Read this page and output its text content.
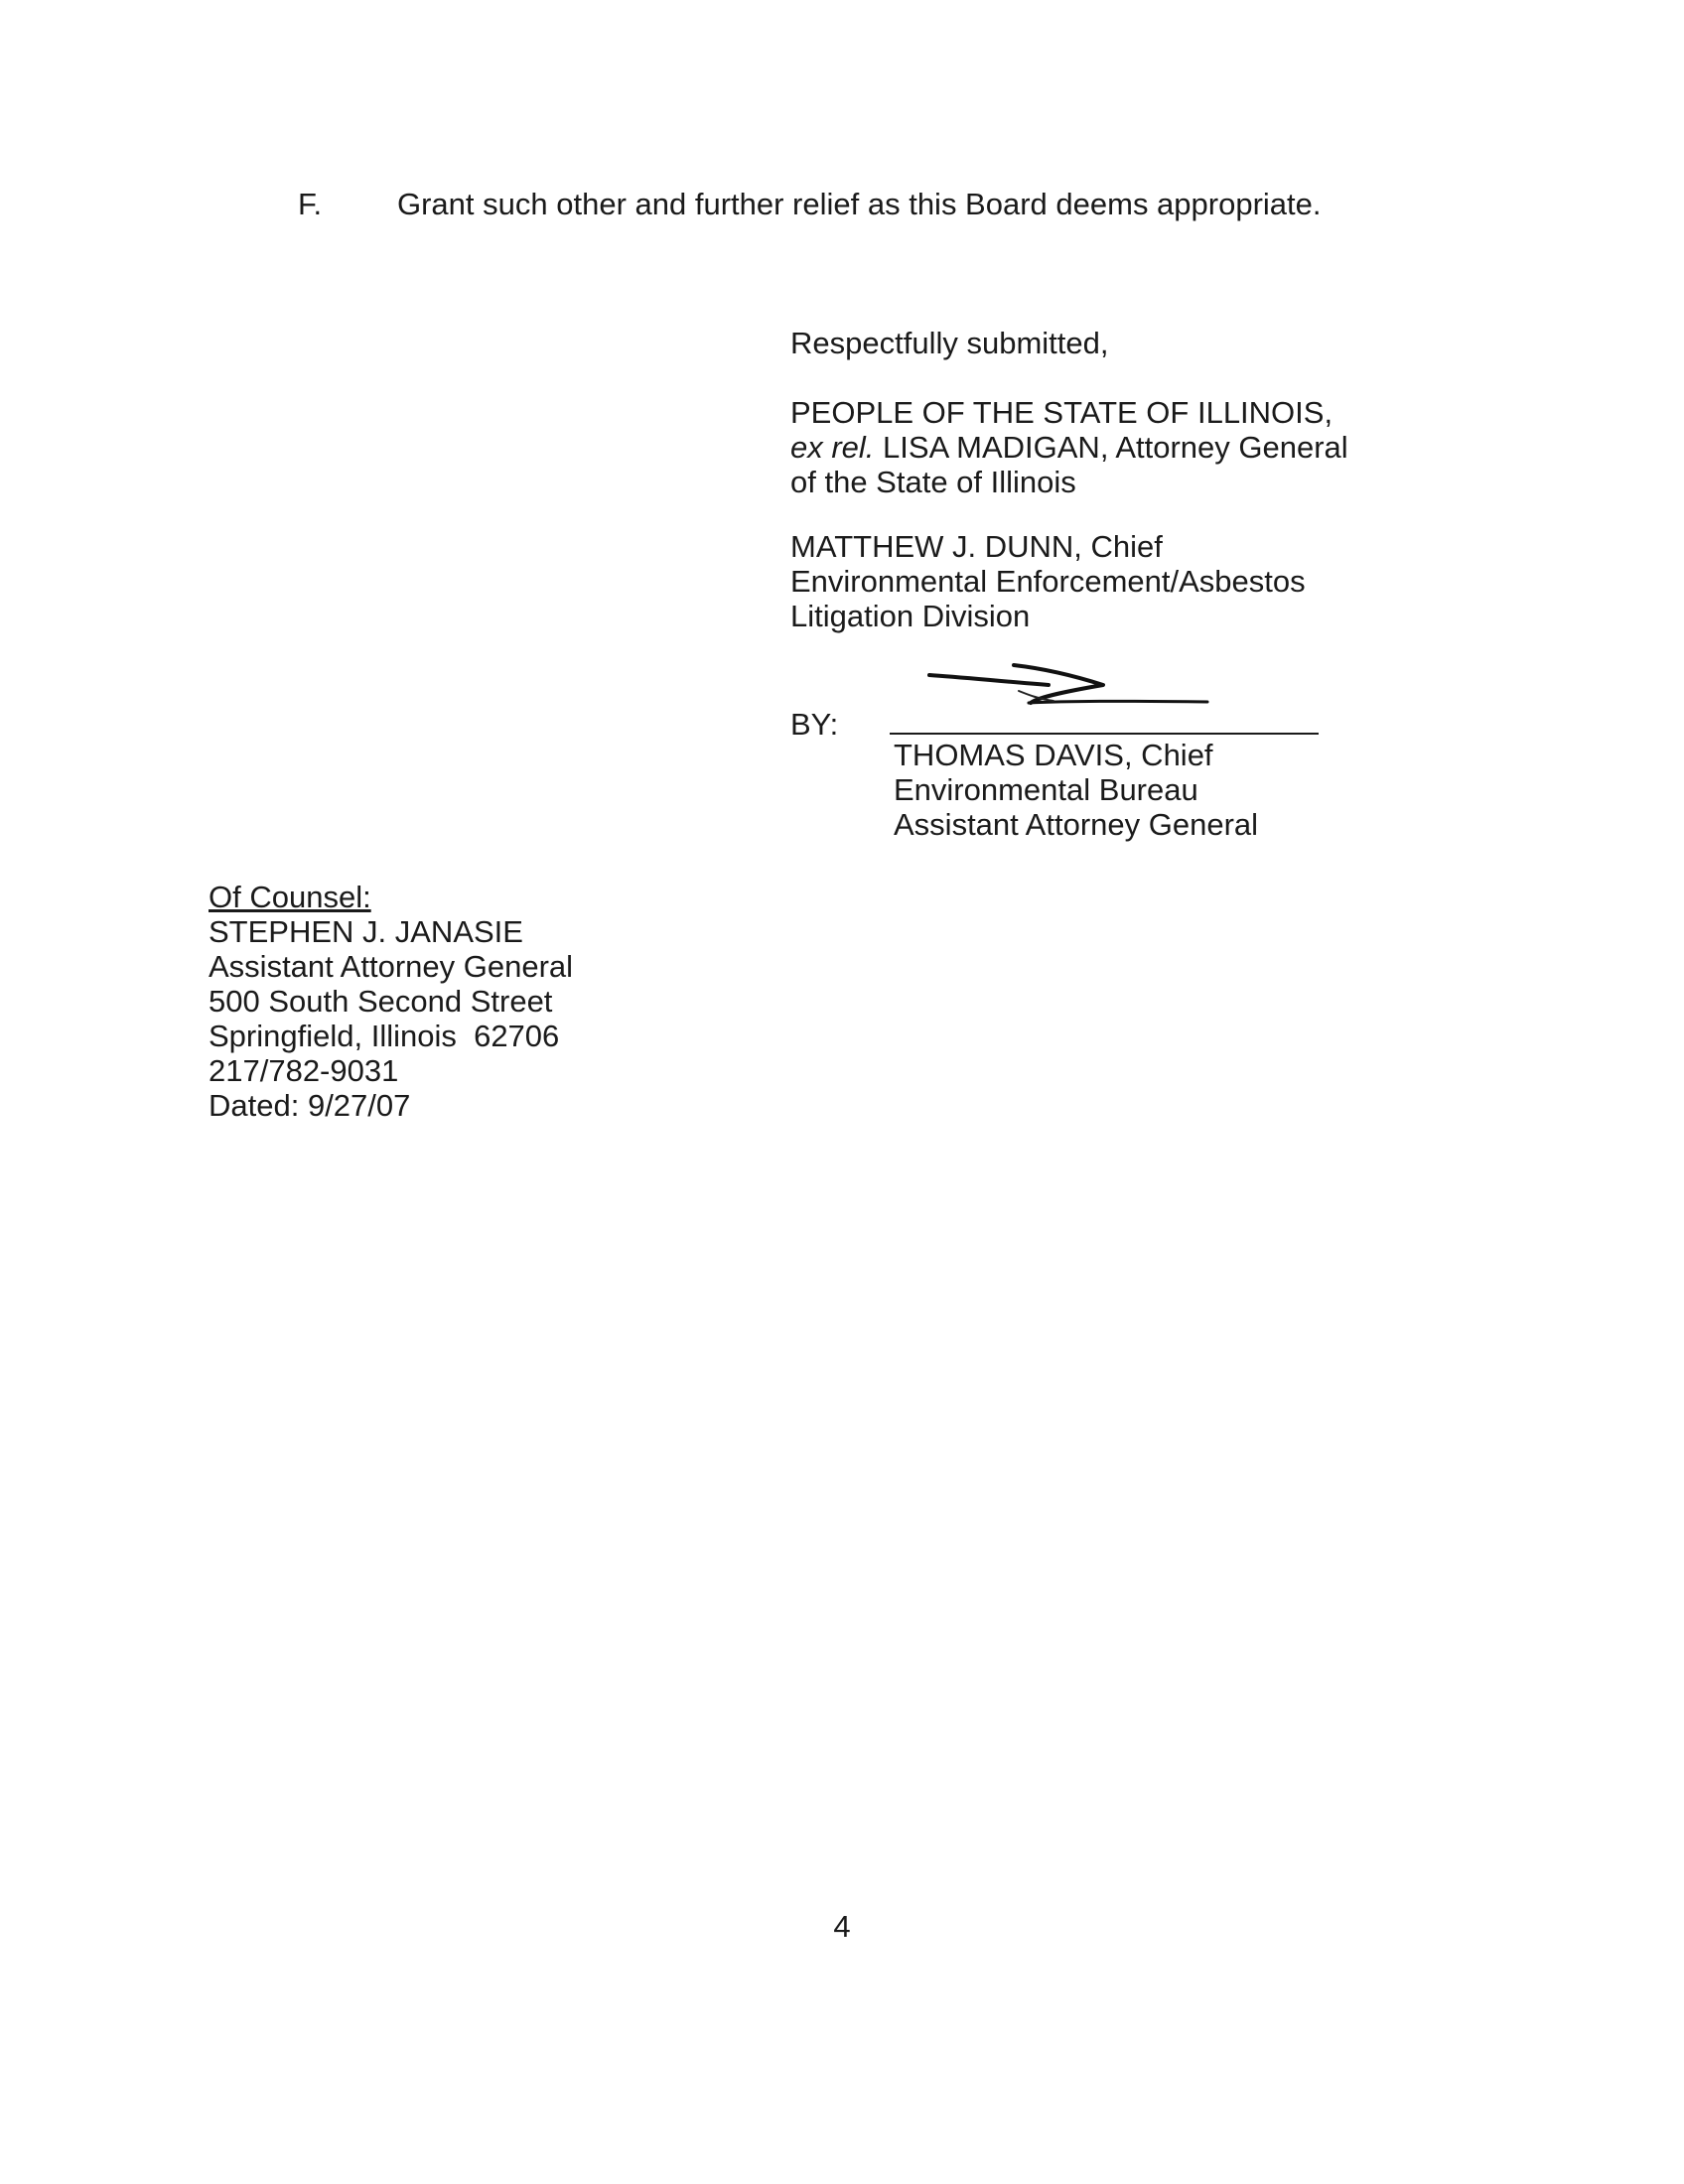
F. Grant such other and further relief as this Board deems appropriate.
Respectfully submitted,
PEOPLE OF THE STATE OF ILLINOIS,
ex rel. LISA MADIGAN, Attorney General
of the State of Illinois
MATTHEW J. DUNN, Chief
Environmental Enforcement/Asbestos
Litigation Division
BY:
THOMAS DAVIS, Chief
Environmental Bureau
Assistant Attorney General
Of Counsel:
STEPHEN J. JANASIE
Assistant Attorney General
500 South Second Street
Springfield, Illinois  62706
217/782-9031
Dated: 9/27/07
4
